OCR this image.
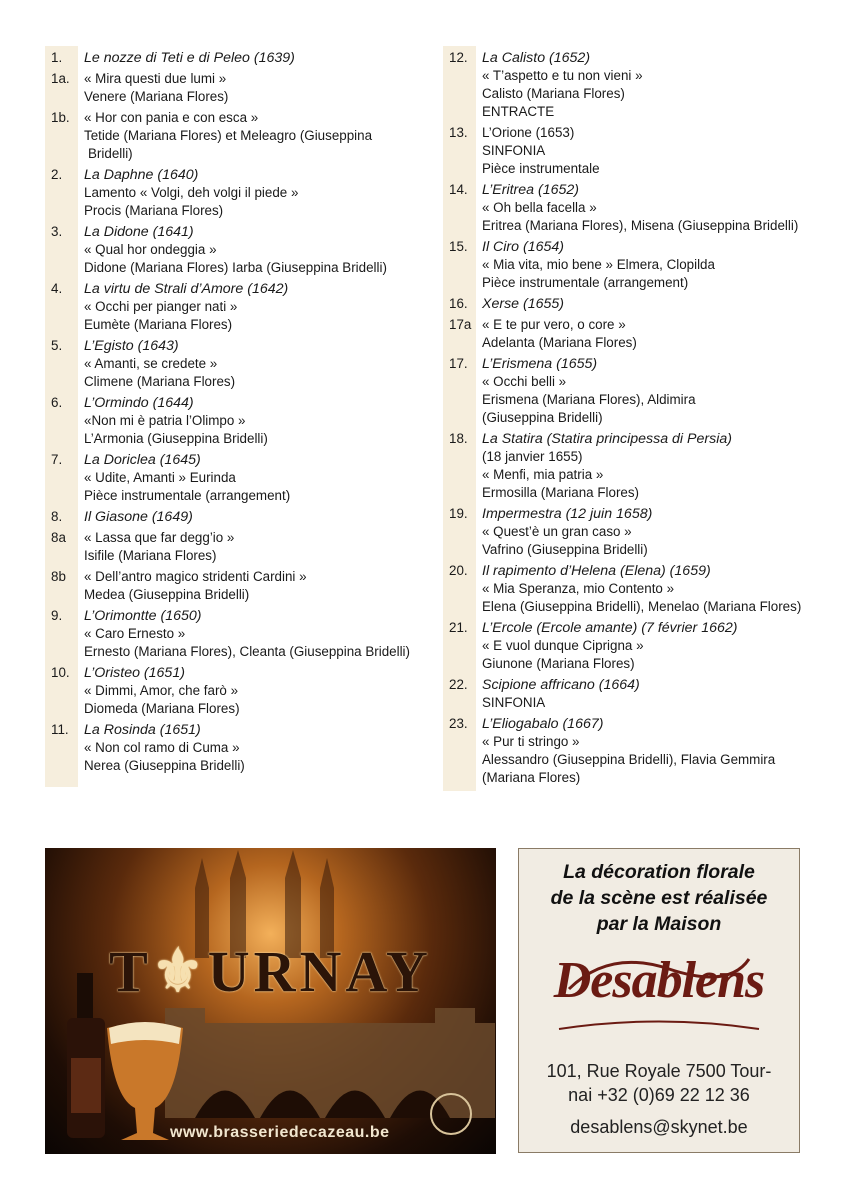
1.	Le nozze di Teti e di Peleo (1639)
1a.	« Mira questi due lumi »
Venere (Mariana Flores)
1b.	« Hor con pania e con esca »
Tetide (Mariana Flores) et Meleagro (Giuseppina
Bridelli)
2.	La Daphne (1640)
Lamento « Volgi, deh volgi il piede »
Procis (Mariana Flores)
3.	La Didone (1641)
« Qual hor ondeggia »
Didone (Mariana Flores) Iarba (Giuseppina Bridelli)
4.	La virtu de Strali d’Amore (1642)
« Occhi per pianger nati »
Eumète (Mariana Flores)
5.	L’Egisto (1643)
« Amanti, se credete »
Climene (Mariana Flores)
6.	L’Ormindo (1644)
«Non mi è patria l’Olimpo »
L’Armonia (Giuseppina Bridelli)
7.	La Doriclea (1645)
« Udite, Amanti » Eurinda
Pièce instrumentale (arrangement)
8.	Il Giasone (1649)
8a	« Lassa que far degg’io »
Isifile (Mariana Flores)
8b	« Dell’antro magico stridenti Cardini »
Medea (Giuseppina Bridelli)
9.	L’Orimontte (1650)
« Caro Ernesto »
Ernesto (Mariana Flores), Cleanta (Giuseppina Bridelli)
10.	L’Oristeo (1651)
« Dimmi, Amor, che farò »
Diomeda (Mariana Flores)
11.	La Rosinda (1651)
« Non col ramo di Cuma »
Nerea (Giuseppina Bridelli)
12.	La Calisto (1652)
« T’aspetto e tu non vieni »
Calisto (Mariana Flores)
ENTRACTE
13.	L’Orione (1653)
SINFONIA
Pièce instrumentale
14.	L’Eritrea (1652)
« Oh bella facella »
Eritrea (Mariana Flores), Misena (Giuseppina Bridelli)
15.	Il Ciro (1654)
« Mia vita, mio bene » Elmera, Clopilda
Pièce instrumentale (arrangement)
16.	Xerse (1655)
17a « E te pur vero, o core »
Adelanta (Mariana Flores)
17.	L’Erismena (1655)
« Occhi belli »
Erismena (Mariana Flores), Aldimira
(Giuseppina Bridelli)
18.	La Statira (Statira principessa di Persia)
(18 janvier 1655)
« Menfi, mia patria »
Ermosilla (Mariana Flores)
19.	Impermestra (12 juin 1658)
« Quest’è un gran caso »
Vafrino (Giuseppina Bridelli)
20.	Il rapimento d’Helena (Elena) (1659)
« Mia Speranza, mio Contento »
Elena (Giuseppina Bridelli), Menelao (Mariana Flores)
21.	L’Ercole (Ercole amante) (7 février 1662)
« E vuol dunque Ciprigna »
Giunone (Mariana Flores)
22.	Scipione affricano (1664)
SINFONIA
23.	L’Eliogabalo (1667)
« Pur ti stringo »
Alessandro (Giuseppina Bridelli), Flavia Gemmira
(Mariana Flores)
T⚜URNAY
www.brasseriedecazeau.be
La décoration florale
de la scène est réalisée
par la Maison
Desablens
101, Rue Royale 7500 Tour-
nai +32 (0)69 22 12 36
desablens@skynet.be
